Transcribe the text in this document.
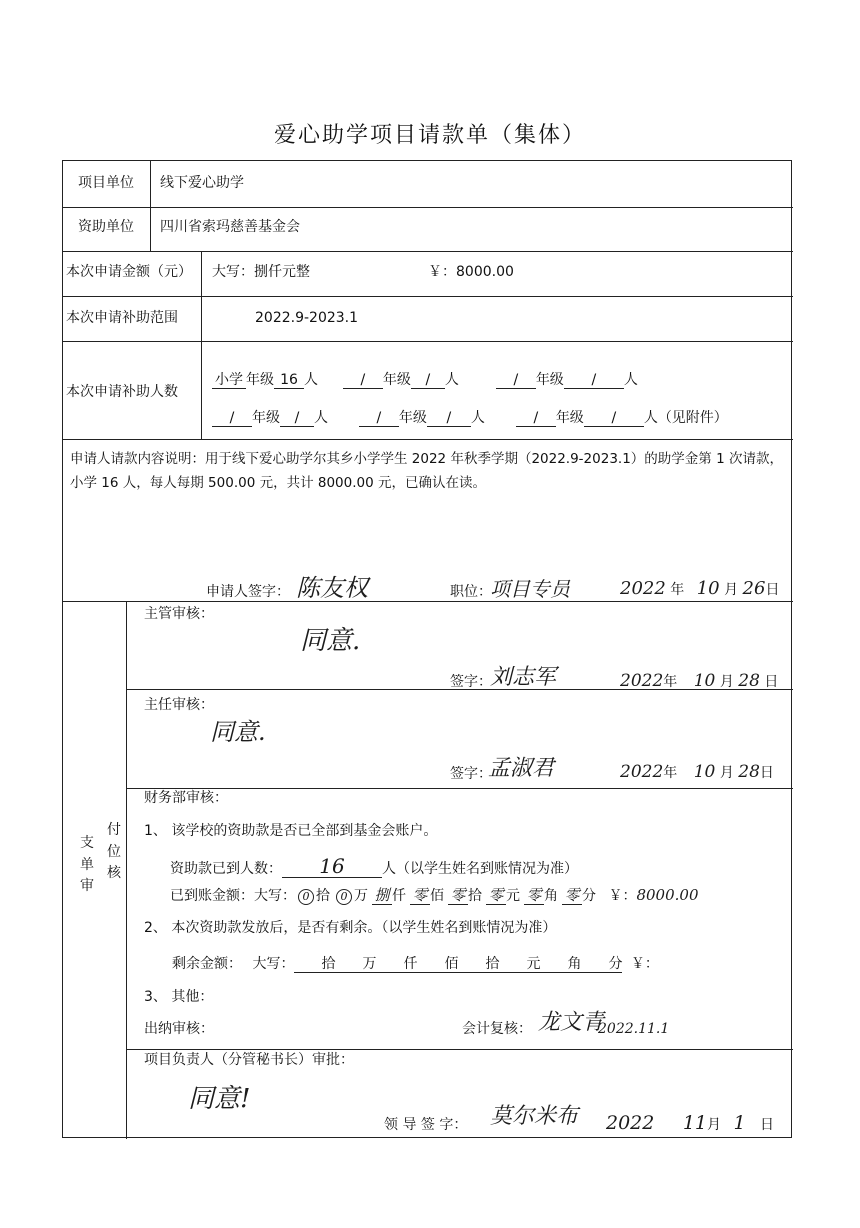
爱心助学项目请款单（集体）
项目单位 线下爱心助学
资助单位 四川省索玛慈善基金会
本次申请金额（元） 大写：捌仟元整	￥：8000.00
本次申请补助范围	2022.9-2023.1
本次申请补助人数
小学 年级 16 人	/ 年级 / 人	/ 年级 / 人
/ 年级 / 人	/ 年级 / 人	/ 年级 / 人（见附件）
申请人请款内容说明：用于线下爱心助学尔其乡小学学生 2022 年秋季学期（2022.9-2023.1）的助学金第 1 次请款，小学 16 人，每人每期 500.00 元，共计 8000.00 元，已确认在读。
申请人签字： 陈友权	职位：
项目专员	2022 年 10 月 26日
支单审
付位核
主管审核：
同意.
签字：
刘志军	2022年 10 月 28 日
主任审核：
同意.
签字：
孟淑君	2022年 10 月 28日
财务部审核：
1、 该学校的资助款是否已全部到基金会账户。
资助款已到人数： 16	人（以学生姓名到账情况为准）
已到账金额：大写： 0 拾 0 万 捌 仟 零 佰 零 拾 零 元 零 角 零 分 ￥：8000.00
2、 本次资助款发放后，是否有剩余。（以学生姓名到账情况为准）
剩余金额： 大写： 拾 万 仟 佰 拾 元 角 分 ￥：
3、 其他：
出纳审核：	会计复核： 龙文青
2022.11.1
项目负责人（分管秘书长）审批：
同意!
领 导 签 字： 莫尔米布 2022 11月 1 日
